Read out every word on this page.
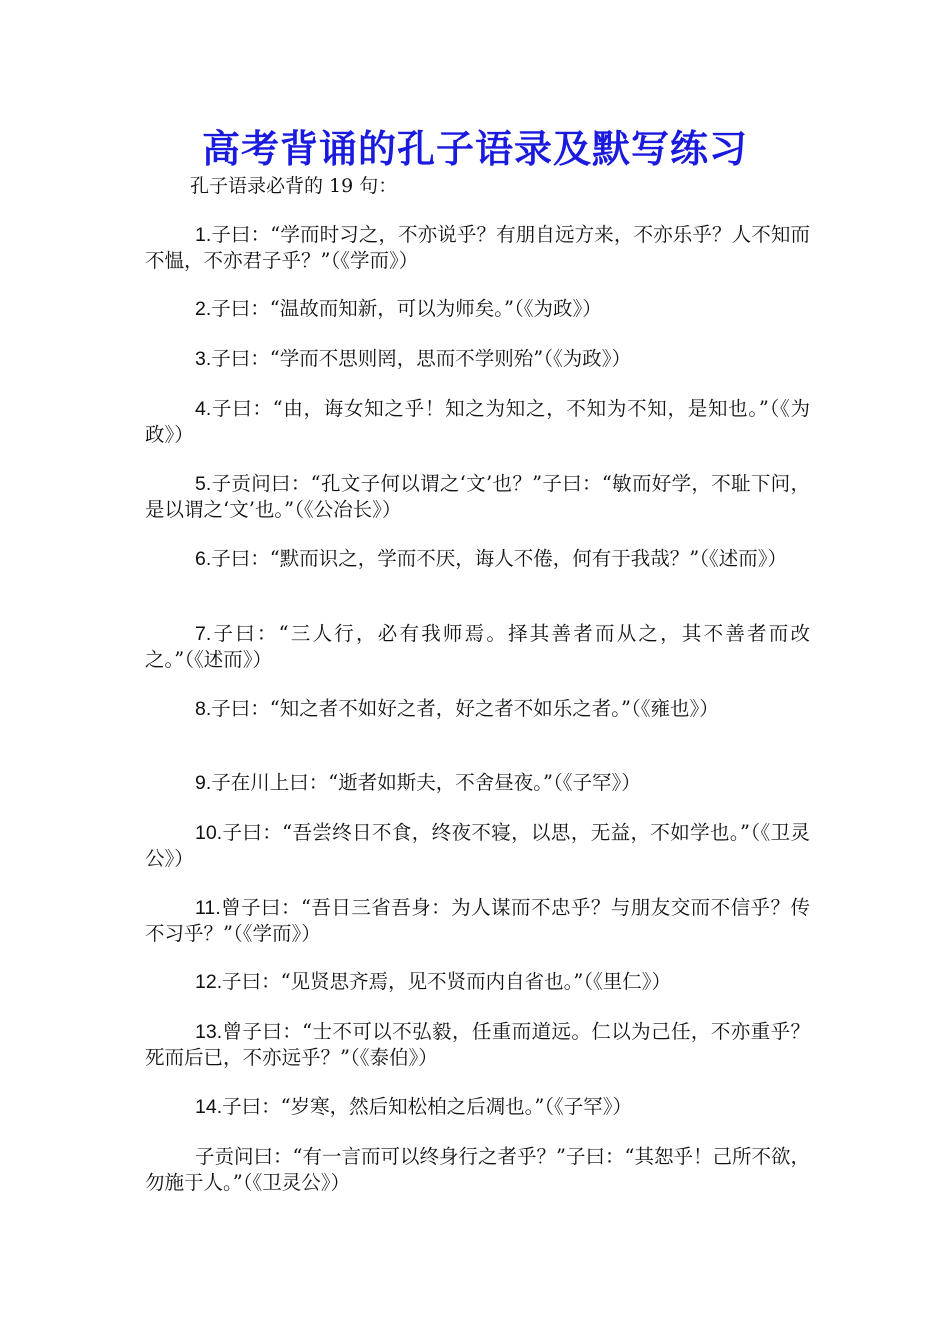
高考背诵的孔子语录及默写练习

孔子语录必背的 19 句：

1.子曰：“学而时习之，不亦说乎？有朋自远方来，不亦乐乎？人不知而不愠，不亦君子乎？”（《学而》）

2.子曰：“温故而知新，可以为师矣。”（《为政》）

3.子曰：“学而不思则罔，思而不学则殆”（《为政》）

4.子曰：“由，诲女知之乎！知之为知之，不知为不知，是知也。”（《为政》）

5.子贡问曰：“孔文子何以谓之‘文’也？”子曰：“敏而好学，不耻下问，是以谓之‘文’也。”（《公冶长》）

6.子曰：“默而识之，学而不厌，诲人不倦，何有于我哉？”（《述而》）

7.子曰：“三人行，必有我师焉。择其善者而从之，其不善者而改之。”（《述而》）

8.子曰：“知之者不如好之者，好之者不如乐之者。”（《雍也》）

9.子在川上曰：“逝者如斯夫，不舍昼夜。”（《子罕》）

10.子曰：“吾尝终日不食，终夜不寝，以思，无益，不如学也。”（《卫灵公》）

11.曾子曰：“吾日三省吾身：为人谋而不忠乎？与朋友交而不信乎？传不习乎？”（《学而》）

12.子曰：“见贤思齐焉，见不贤而内自省也。”（《里仁》）

13.曾子曰：“士不可以不弘毅，任重而道远。仁以为己任，不亦重乎？死而后已，不亦远乎？”（《泰伯》）

14.子曰：“岁寒，然后知松柏之后凋也。”（《子罕》）

子贡问曰：“有一言而可以终身行之者乎？”子曰：“其恕乎！己所不欲，勿施于人。”（《卫灵公》）
